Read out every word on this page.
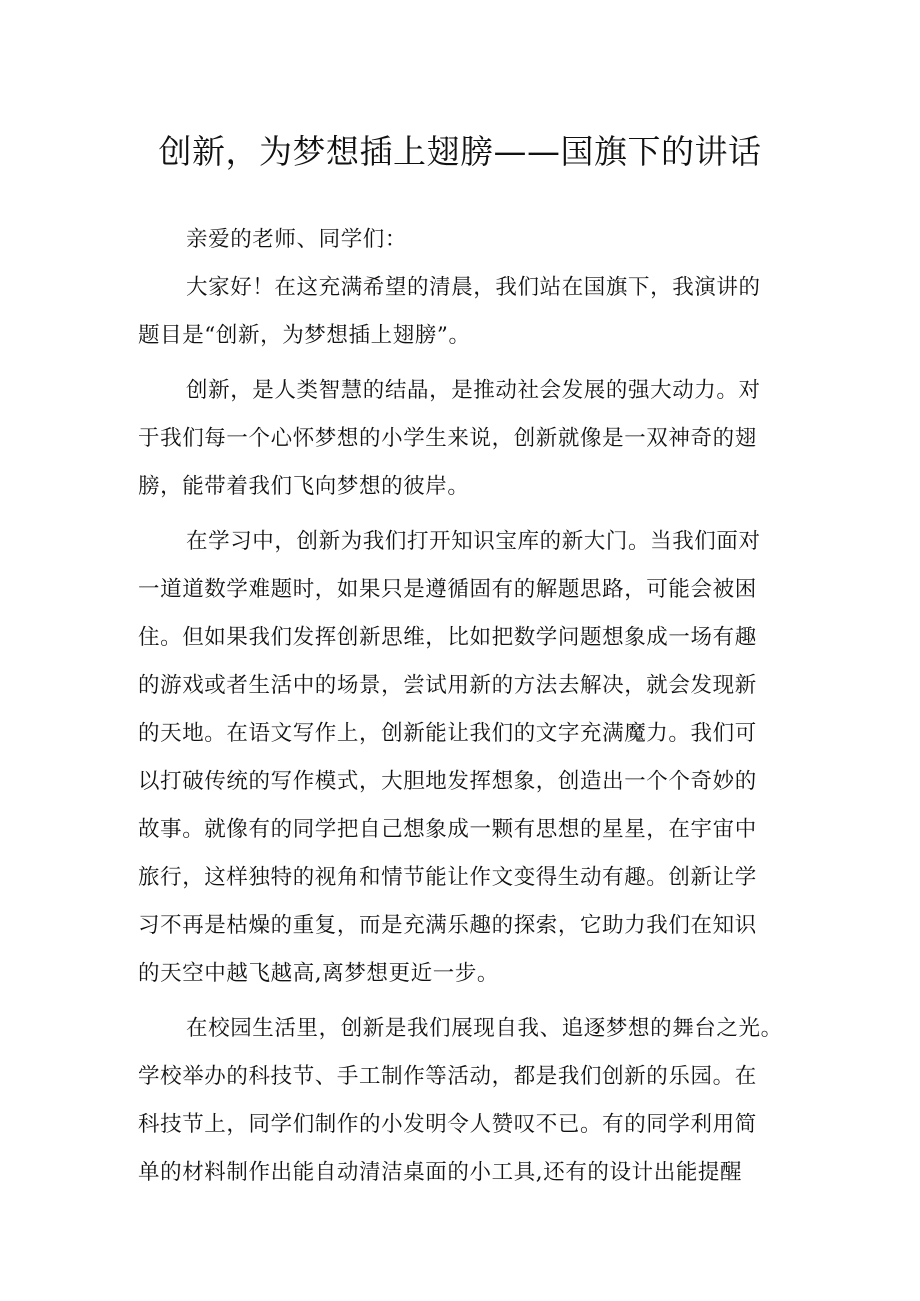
创新，为梦想插上翅膀——国旗下的讲话
亲爱的老师、同学们：
大家好！在这充满希望的清晨，我们站在国旗下，我演讲的
题目是“创新，为梦想插上翅膀”。
创新，是人类智慧的结晶，是推动社会发展的强大动力。对
于我们每一个心怀梦想的小学生来说，创新就像是一双神奇的翅
膀，能带着我们飞向梦想的彼岸。
在学习中，创新为我们打开知识宝库的新大门。当我们面对
一道道数学难题时，如果只是遵循固有的解题思路，可能会被困
住。但如果我们发挥创新思维，比如把数学问题想象成一场有趣
的游戏或者生活中的场景，尝试用新的方法去解决，就会发现新
的天地。在语文写作上，创新能让我们的文字充满魔力。我们可
以打破传统的写作模式，大胆地发挥想象，创造出一个个奇妙的
故事。就像有的同学把自己想象成一颗有思想的星星，在宇宙中
旅行，这样独特的视角和情节能让作文变得生动有趣。创新让学
习不再是枯燥的重复，而是充满乐趣的探索，它助力我们在知识
的天空中越飞越高,离梦想更近一步。
在校园生活里，创新是我们展现自我、追逐梦想的舞台之光。
学校举办的科技节、手工制作等活动，都是我们创新的乐园。在
科技节上，同学们制作的小发明令人赞叹不已。有的同学利用简
单的材料制作出能自动清洁桌面的小工具,还有的设计出能提醒
